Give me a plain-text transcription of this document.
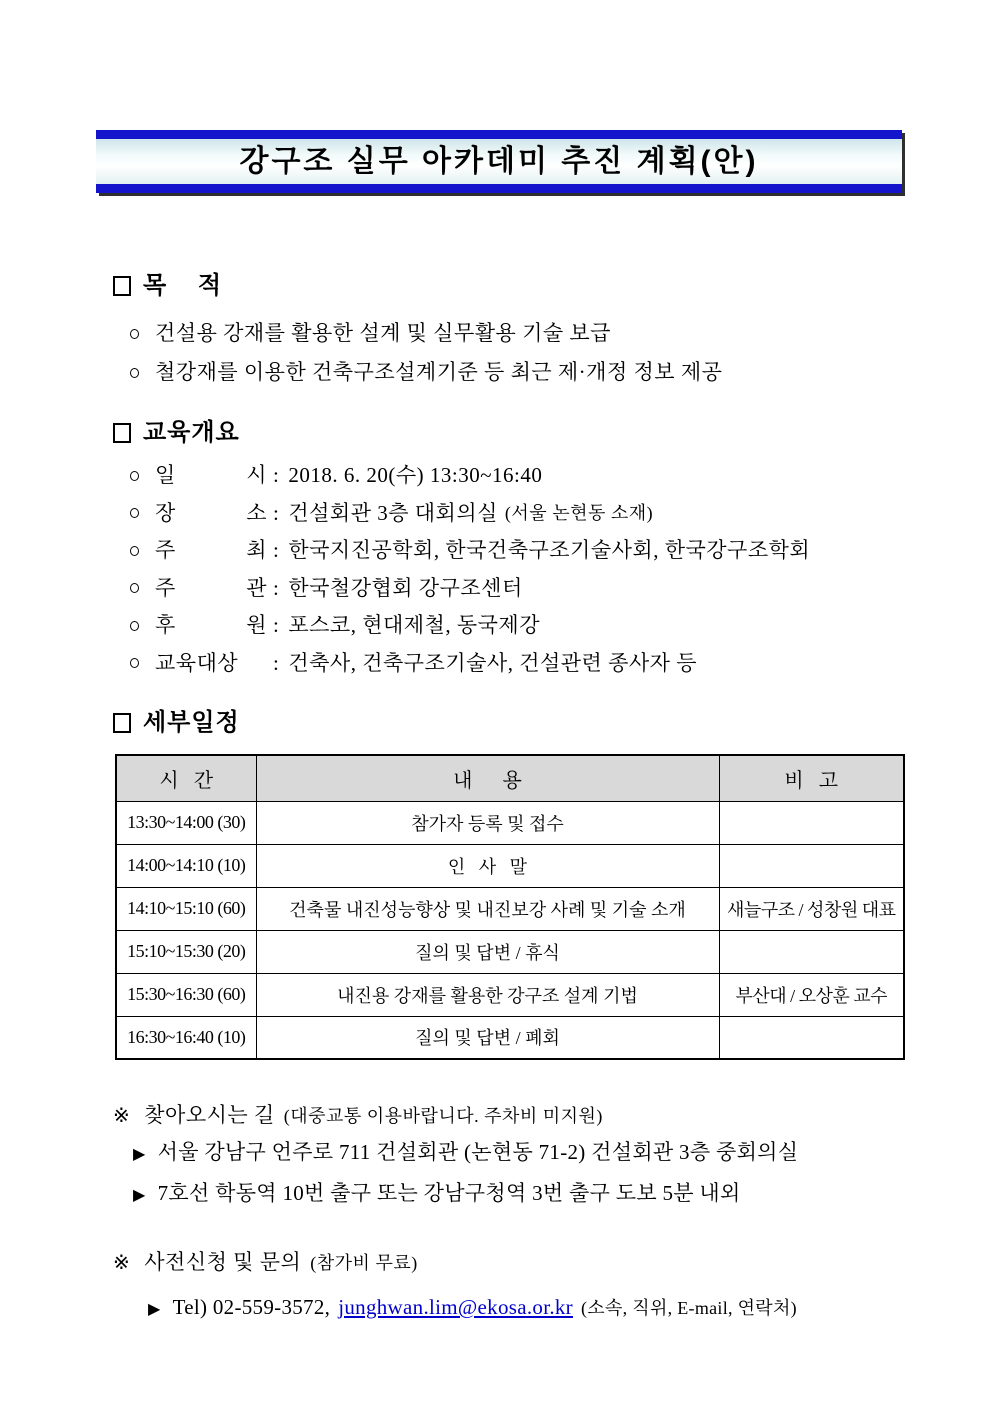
강구조 실무 아카데미 추진 계획(안)
목    적
건설용 강재를 활용한 설계 및 실무활용 기술 보급
철강재를 이용한 건축구조설계기준 등 최근 제·개정 정보 제공
교육개요
일 시 : 2018. 6. 20(수) 13:30~16:40
장 소 : 건설회관 3층 대회의실 (서울 논현동 소재)
주 최 : 한국지진공학회, 한국건축구조기술사회, 한국강구조학회
주 관 : 한국철강협회 강구조센터
후 원 : 포스코, 현대제철, 동국제강
교육대상	: 건축사, 건축구조기술사, 건설관련 종사자 등
세부일정
시   간	내      용	비   고
13:30~14:00 (30)	참가자 등록 및 접수	
14:00~14:10 (10)	인   사   말	
14:10~15:10 (60)	건축물 내진성능향상 및 내진보강 사례 및 기술 소개	새늘구조 / 성창원 대표
15:10~15:30 (20)	질의 및 답변 / 휴식	
15:30~16:30 (60)	내진용 강재를 활용한 강구조 설계 기법	부산대 / 오상훈 교수
16:30~16:40 (10)	질의 및 답변 / 폐회	
※ 찾아오시는 길 (대중교통 이용바랍니다. 주차비 미지원)
▶ 서울 강남구 언주로 711 건설회관 (논현동 71-2) 건설회관 3층 중회의실
▶ 7호선 학동역 10번 출구 또는 강남구청역 3번 출구 도보 5분 내외
※ 사전신청 및 문의 (참가비 무료)
▶ Tel) 02-559-3572, junghwan.lim@ekosa.or.kr (소속, 직위, E-mail, 연락처)
